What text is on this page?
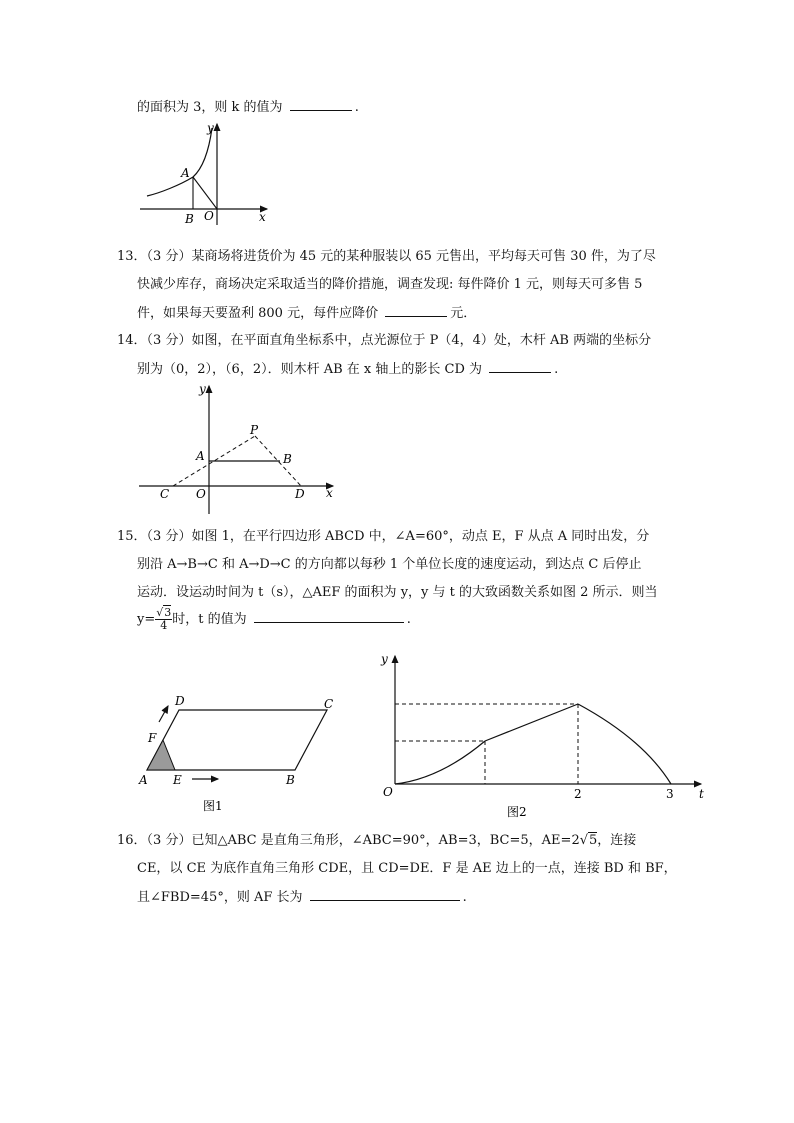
的面积为 3，则 k 的值为	.
y
x
A
B O
13．（3 分）某商场将进货价为 45 元的某种服装以 65 元售出，平均每天可售 30 件，为了尽
快减少库存，商场决定采取适当的降价措施，调查发现: 每件降价 1 元，则每天可多售 5
件，如果每天要盈利 800 元，每件应降价	元．
14．（3 分）如图，在平面直角坐标系中，点光源位于 P（4，4）处，木杆 AB 两端的坐标分
别为（0，2），（6，2）．则木杆 AB 在 x 轴上的影长 CD 为	.
y
x
P
A	B
C O	D
15．（3 分）如图 1，在平行四边形 ABCD 中，∠A=60°，动点 E，F 从点 A 同时出发，分
别沿 A→B→C 和 A→D→C 的方向都以每秒 1 个单位长度的速度运动，到达点 C 后停止
运动．设运动时间为 t（s），△AEF 的面积为 y，y 与 t 的大致函数关系如图 2 所示．则当
$y= \frac{√3}{4}$ 时，t 的值为	.
D	C
F
A E	B
图1
y
O	t
2	3
图2
16．（3 分）已知△ABC 是直角三角形，∠ABC=90°，AB=3，BC=5，AE=2√5，连接
CE，以 CE 为底作直角三角形 CDE，且 CD=DE．F 是 AE 边上的一点，连接 BD 和 BF，
且∠FBD=45°，则 AF 长为	.
